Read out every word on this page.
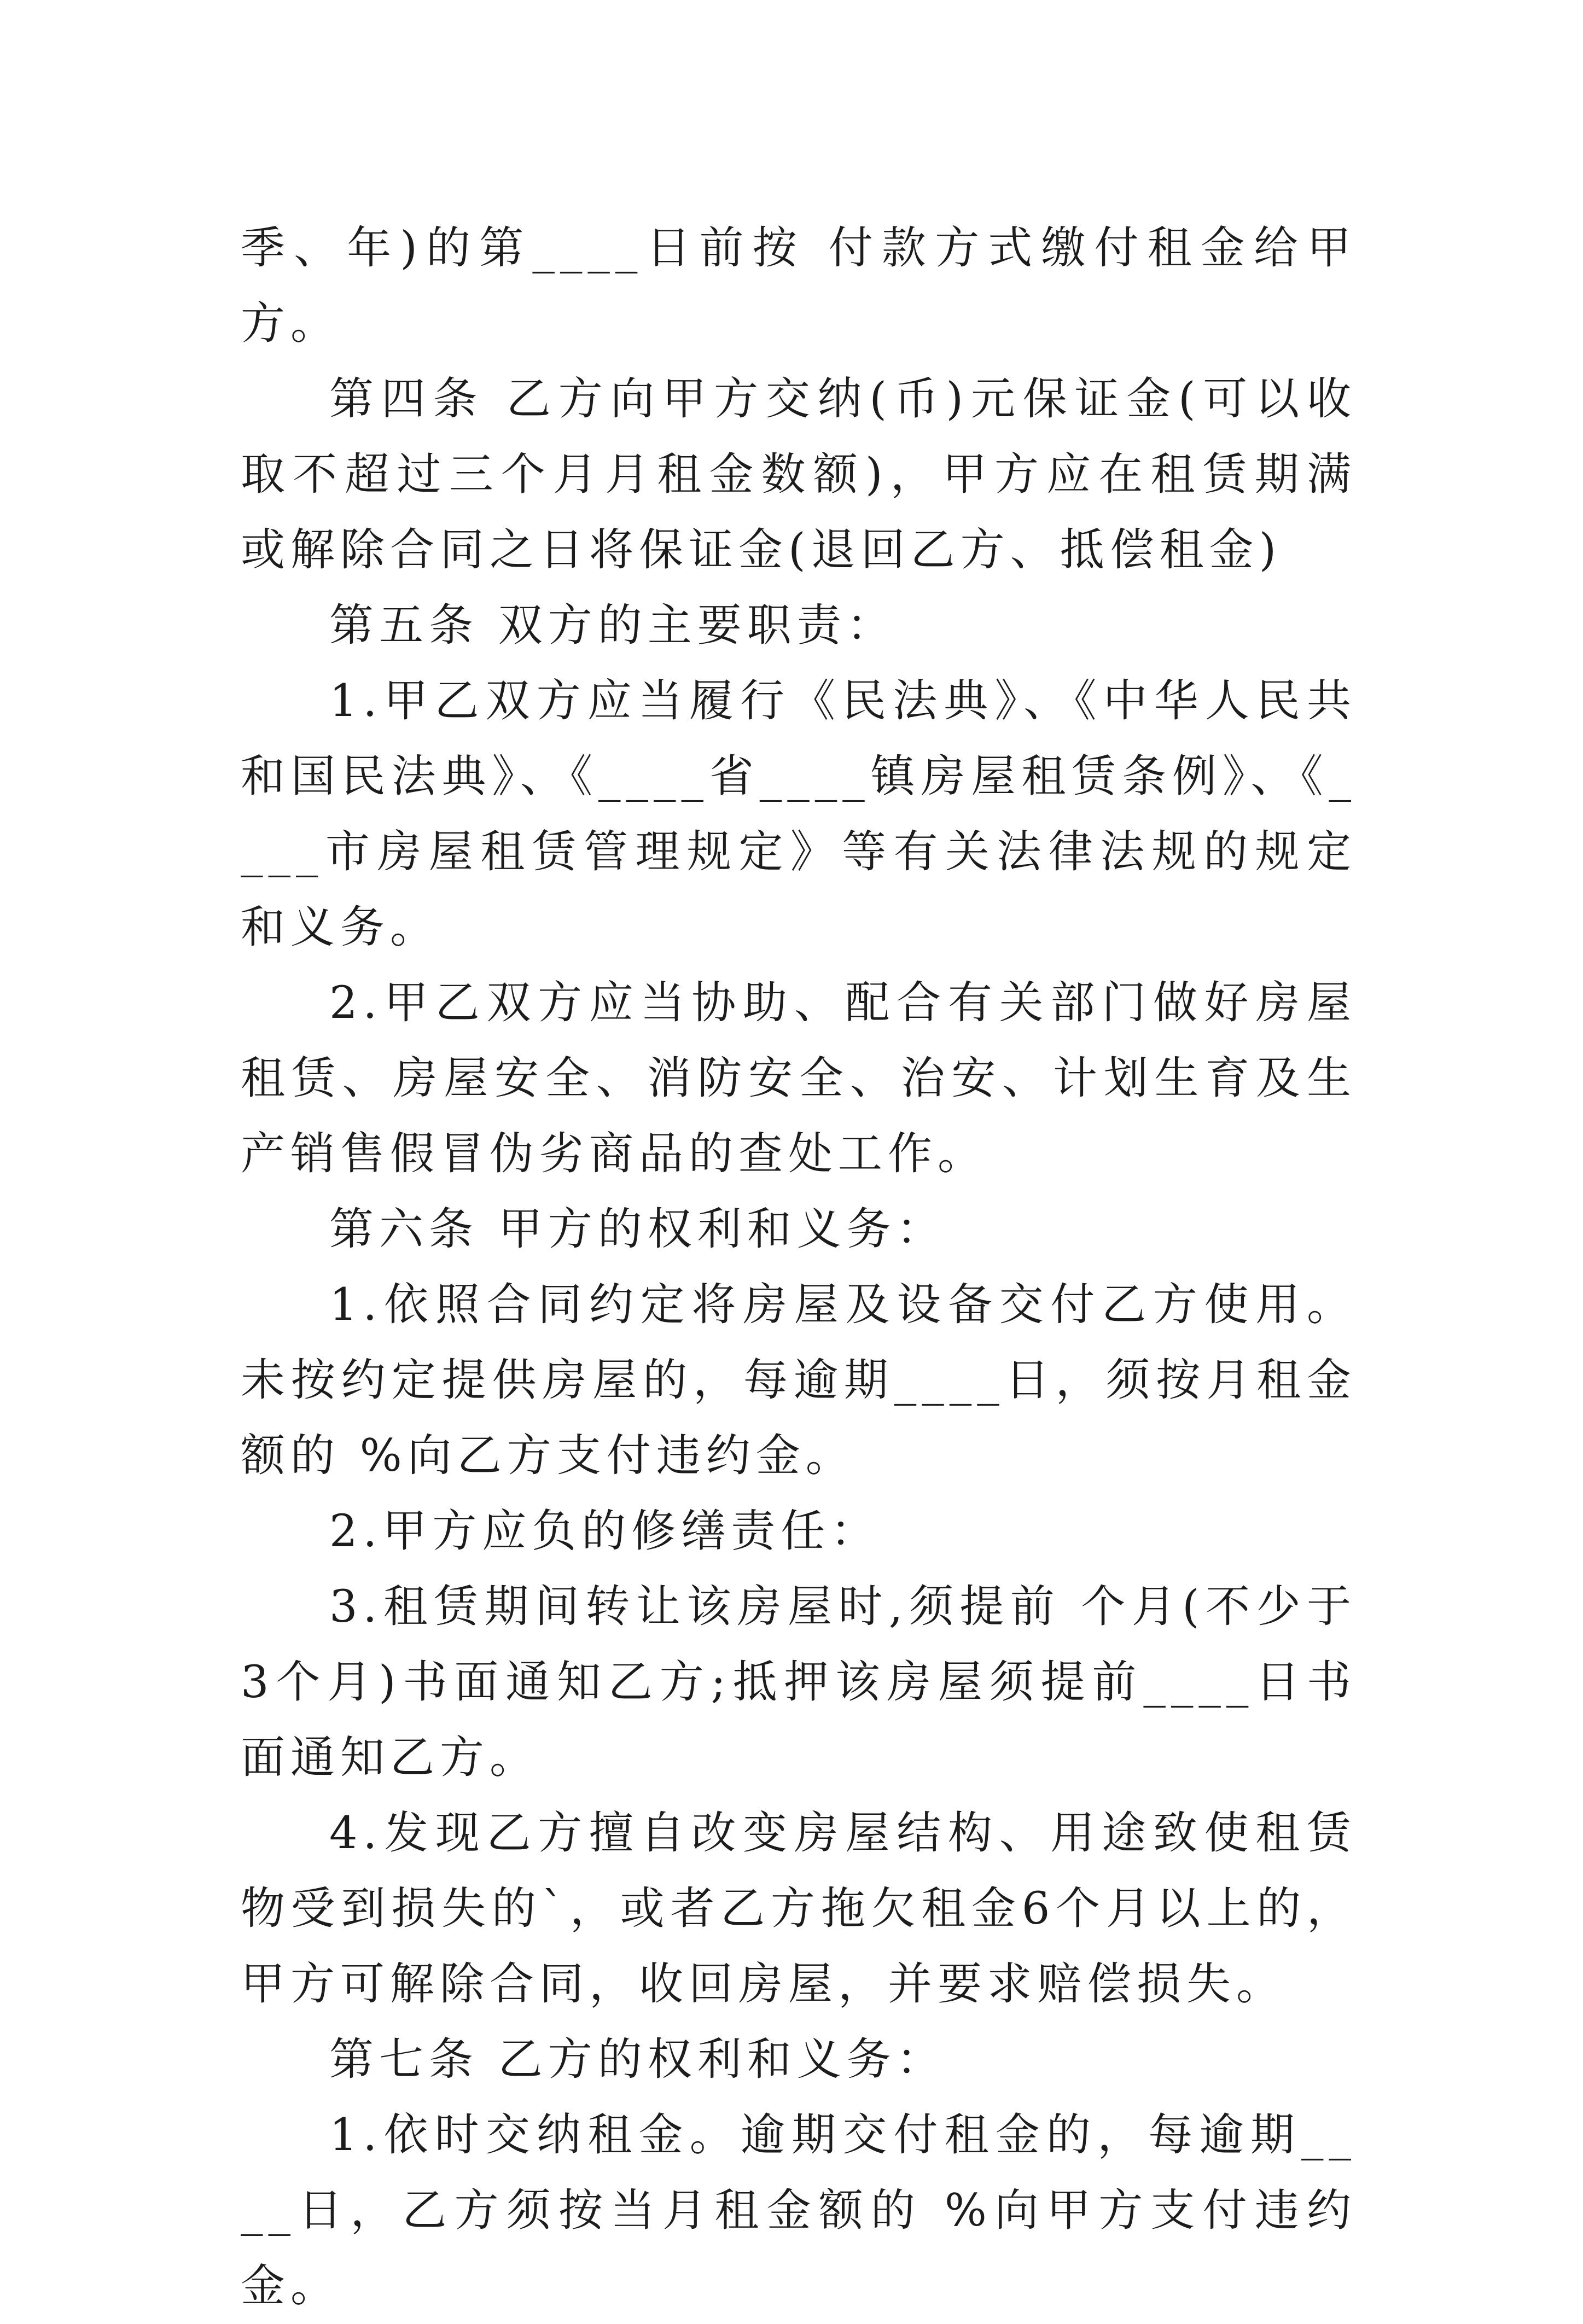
季、年)的第____日前按 付款方式缴付租金给甲方。

第四条 乙方向甲方交纳(币)元保证金(可以收取不超过三个月月租金数额)，甲方应在租赁期满或解除合同之日将保证金(退回乙方、抵偿租金)

第五条 双方的主要职责：

1.甲乙双方应当履行《民法典》、《中华人民共和国民法典》、《____省____镇房屋租赁条例》、《____市房屋租赁管理规定》等有关法律法规的规定和义务。

2.甲乙双方应当协助、配合有关部门做好房屋租赁、房屋安全、消防安全、治安、计划生育及生产销售假冒伪劣商品的查处工作。

第六条 甲方的权利和义务：

1.依照合同约定将房屋及设备交付乙方使用。未按约定提供房屋的，每逾期____日，须按月租金额的 %向乙方支付违约金。

2.甲方应负的修缮责任：

3.租赁期间转让该房屋时,须提前 个月(不少于3个月)书面通知乙方;抵押该房屋须提前____日书面通知乙方。

4.发现乙方擅自改变房屋结构、用途致使租赁物受到损失的`，或者乙方拖欠租金6个月以上的，甲方可解除合同，收回房屋，并要求赔偿损失。

第七条 乙方的权利和义务：

1.依时交纳租金。逾期交付租金的，每逾期____日，乙方须按当月租金额的 %向甲方支付违约金。
